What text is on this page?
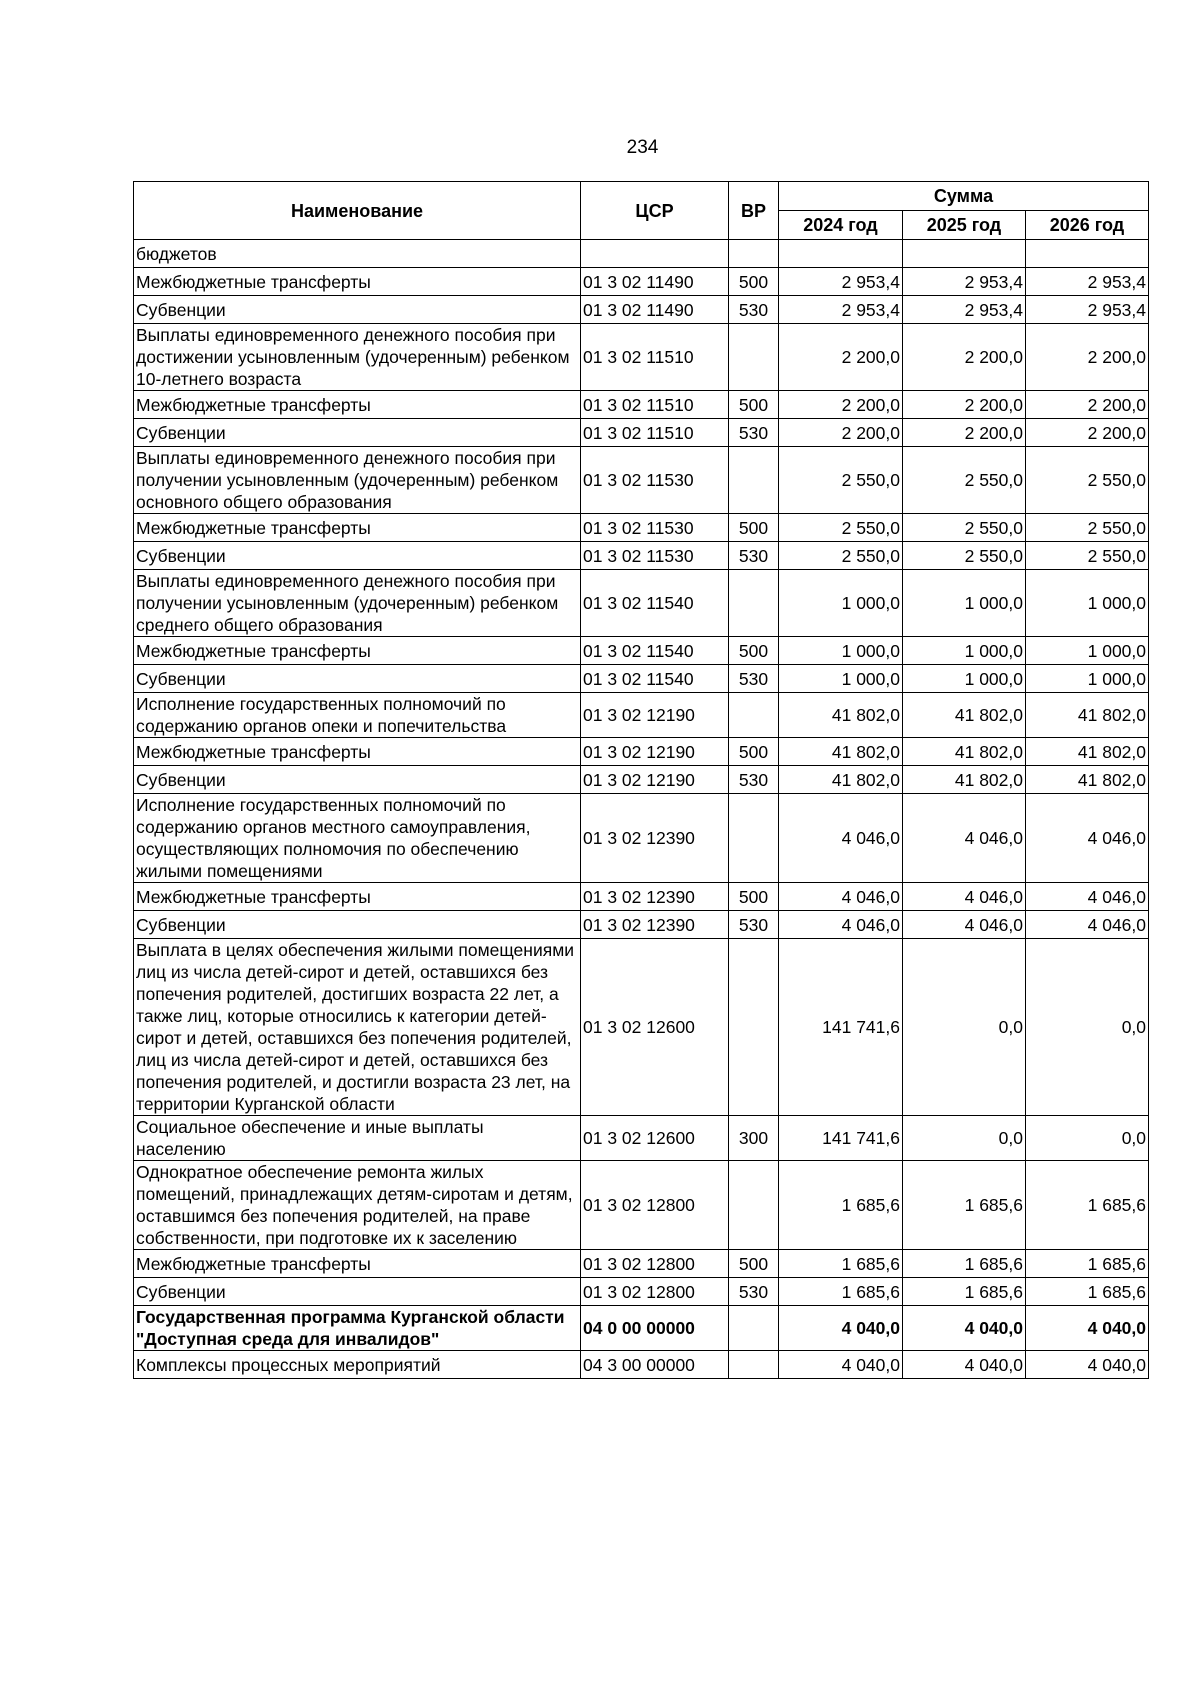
234
Наименование	ЦСР	ВР	Сумма		
			2024 год	2025 год	2026 год
бюджетов					
Межбюджетные трансферты	01 3 02 11490	500	2 953,4	2 953,4	2 953,4
Субвенции	01 3 02 11490	530	2 953,4	2 953,4	2 953,4
Выплаты единовременного денежного пособия при достижении усыновленным (удочеренным) ребенком 10-летнего возраста	01 3 02 11510		2 200,0	2 200,0	2 200,0
Межбюджетные трансферты	01 3 02 11510	500	2 200,0	2 200,0	2 200,0
Субвенции	01 3 02 11510	530	2 200,0	2 200,0	2 200,0
Выплаты единовременного денежного пособия при получении усыновленным (удочеренным) ребенком основного общего образования	01 3 02 11530		2 550,0	2 550,0	2 550,0
Межбюджетные трансферты	01 3 02 11530	500	2 550,0	2 550,0	2 550,0
Субвенции	01 3 02 11530	530	2 550,0	2 550,0	2 550,0
Выплаты единовременного денежного пособия при получении усыновленным (удочеренным) ребенком среднего общего образования	01 3 02 11540		1 000,0	1 000,0	1 000,0
Межбюджетные трансферты	01 3 02 11540	500	1 000,0	1 000,0	1 000,0
Субвенции	01 3 02 11540	530	1 000,0	1 000,0	1 000,0
Исполнение государственных полномочий по содержанию органов опеки и попечительства	01 3 02 12190		41 802,0	41 802,0	41 802,0
Межбюджетные трансферты	01 3 02 12190	500	41 802,0	41 802,0	41 802,0
Субвенции	01 3 02 12190	530	41 802,0	41 802,0	41 802,0
Исполнение государственных полномочий по содержанию органов местного самоуправления, осуществляющих полномочия по обеспечению жилыми помещениями	01 3 02 12390		4 046,0	4 046,0	4 046,0
Межбюджетные трансферты	01 3 02 12390	500	4 046,0	4 046,0	4 046,0
Субвенции	01 3 02 12390	530	4 046,0	4 046,0	4 046,0
Выплата в целях обеспечения жилыми помещениями лиц из числа детей-сирот и детей, оставшихся без попечения родителей, достигших возраста 22 лет, а также лиц, которые относились к категории детей-сирот и детей, оставшихся без попечения родителей, лиц из числа детей-сирот и детей, оставшихся без попечения родителей, и достигли возраста 23 лет, на территории Курганской области	01 3 02 12600		141 741,6	0,0	0,0
Социальное обеспечение и иные выплаты населению	01 3 02 12600	300	141 741,6	0,0	0,0
Однократное обеспечение ремонта жилых помещений, принадлежащих детям-сиротам и детям, оставшимся без попечения родителей, на праве собственности, при подготовке их к заселению	01 3 02 12800		1 685,6	1 685,6	1 685,6
Межбюджетные трансферты	01 3 02 12800	500	1 685,6	1 685,6	1 685,6
Субвенции	01 3 02 12800	530	1 685,6	1 685,6	1 685,6
Государственная программа Курганской области "Доступная среда для инвалидов"	04 0 00 00000		4 040,0	4 040,0	4 040,0
Комплексы процессных мероприятий	04 3 00 00000		4 040,0	4 040,0	4 040,0
